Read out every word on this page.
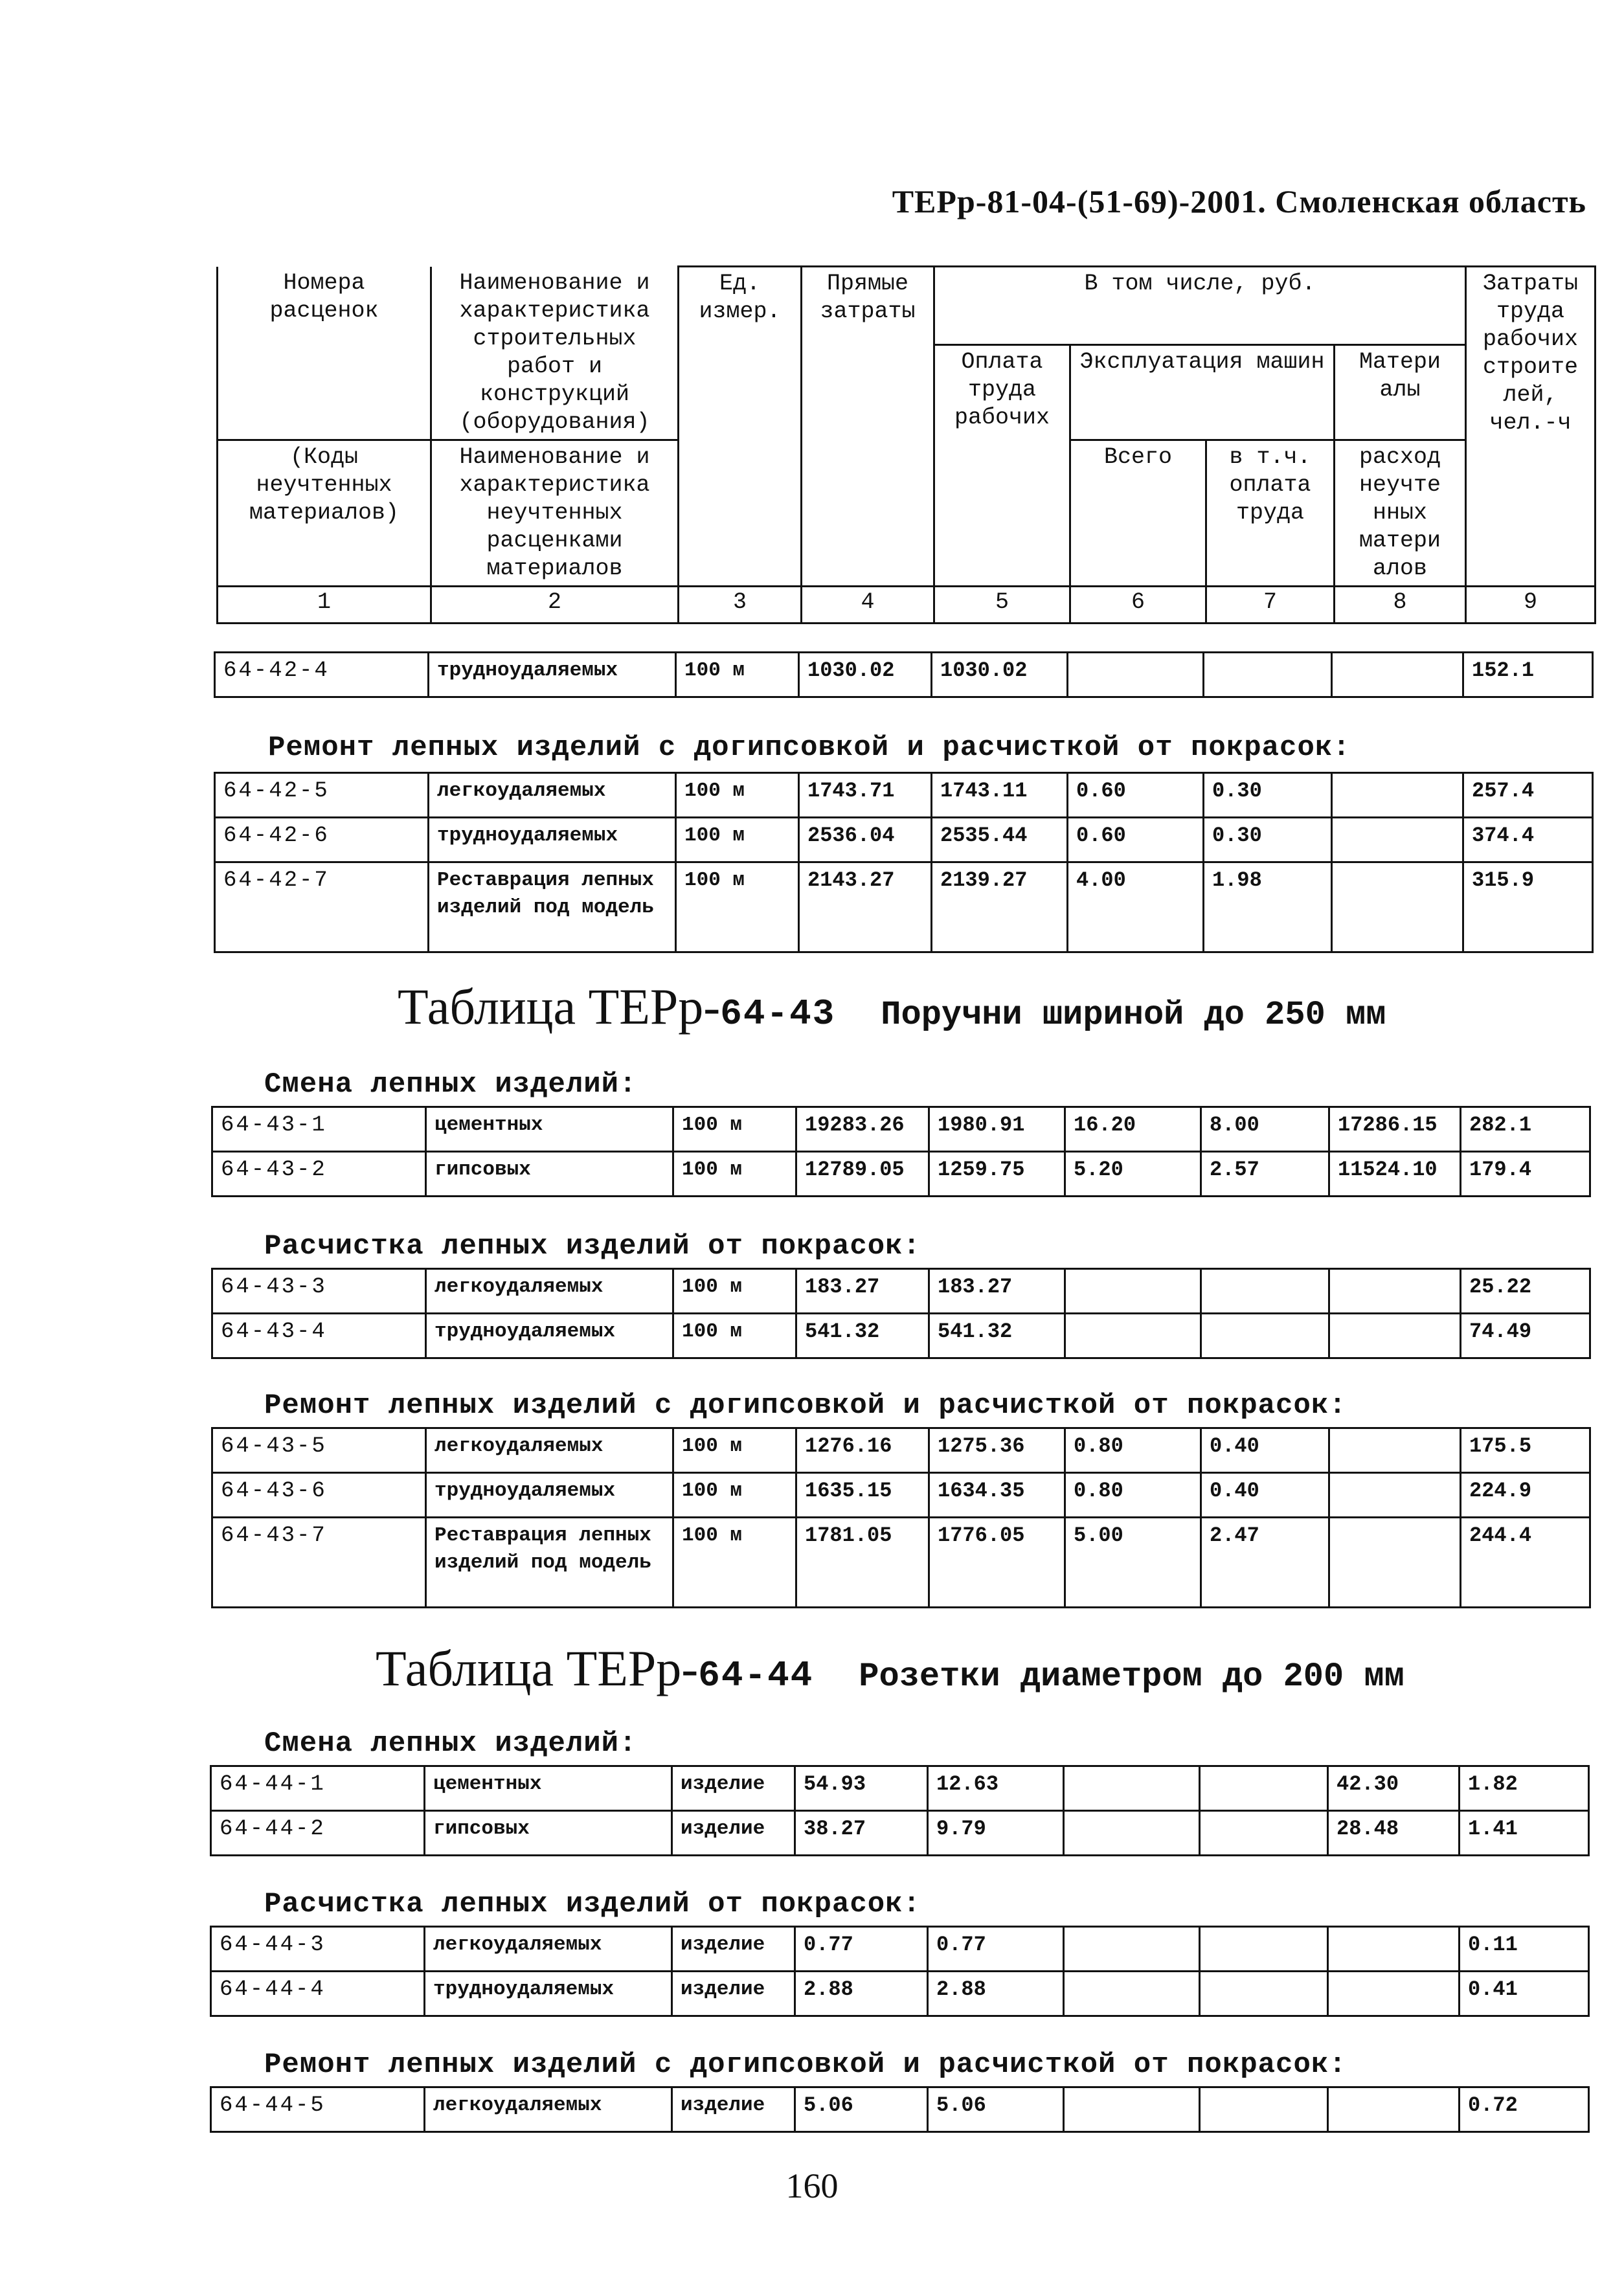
ТЕРр-81-04-(51-69)-2001. Смоленская область
Номера расценок	Наименование и характеристика строительных работ и конструкций (оборудования)	Ед. измер.	Прямые затраты	В том числе, руб.				Затраты труда рабочих строите лей, чел.-ч
				Оплата труда рабочих	Эксплуатация машин		Матери алы	
(Коды неучтенных материалов)	Наименование и характеристика неучтенных расценками материалов				Всего	в т.ч. оплата труда	расход неучте нных матери алов	
1	2	3	4	5	6	7	8	9
64-42-4	трудноудаляемых	100 м	1030.02	1030.02				152.1
Ремонт лепных изделий с догипсовкой и расчисткой от покрасок:
64-42-5	легкоудаляемых	100 м	1743.71	1743.11	0.60	0.30		257.4
64-42-6	трудноудаляемых	100 м	2536.04	2535.44	0.60	0.30		374.4
64-42-7	Реставрация лепных изделий под модель	100 м	2143.27	2139.27	4.00	1.98		315.9
Таблица ТЕРр-64-43 Поручни шириной до 250 мм
Смена лепных изделий:
64-43-1	цементных	100 м	19283.26	1980.91	16.20	8.00	17286.15	282.1
64-43-2	гипсовых	100 м	12789.05	1259.75	5.20	2.57	11524.10	179.4
Расчистка лепных изделий от покрасок:
64-43-3	легкоудаляемых	100 м	183.27	183.27				25.22
64-43-4	трудноудаляемых	100 м	541.32	541.32				74.49
Ремонт лепных изделий с догипсовкой и расчисткой от покрасок:
64-43-5	легкоудаляемых	100 м	1276.16	1275.36	0.80	0.40		175.5
64-43-6	трудноудаляемых	100 м	1635.15	1634.35	0.80	0.40		224.9
64-43-7	Реставрация лепных изделий под модель	100 м	1781.05	1776.05	5.00	2.47		244.4
Таблица ТЕРр-64-44 Розетки диаметром до 200 мм
Смена лепных изделий:
64-44-1	цементных	изделие	54.93	12.63			42.30	1.82
64-44-2	гипсовых	изделие	38.27	9.79			28.48	1.41
Расчистка лепных изделий от покрасок:
64-44-3	легкоудаляемых	изделие	0.77	0.77				0.11
64-44-4	трудноудаляемых	изделие	2.88	2.88				0.41
Ремонт лепных изделий с догипсовкой и расчисткой от покрасок:
64-44-5	легкоудаляемых	изделие	5.06	5.06				0.72
160
